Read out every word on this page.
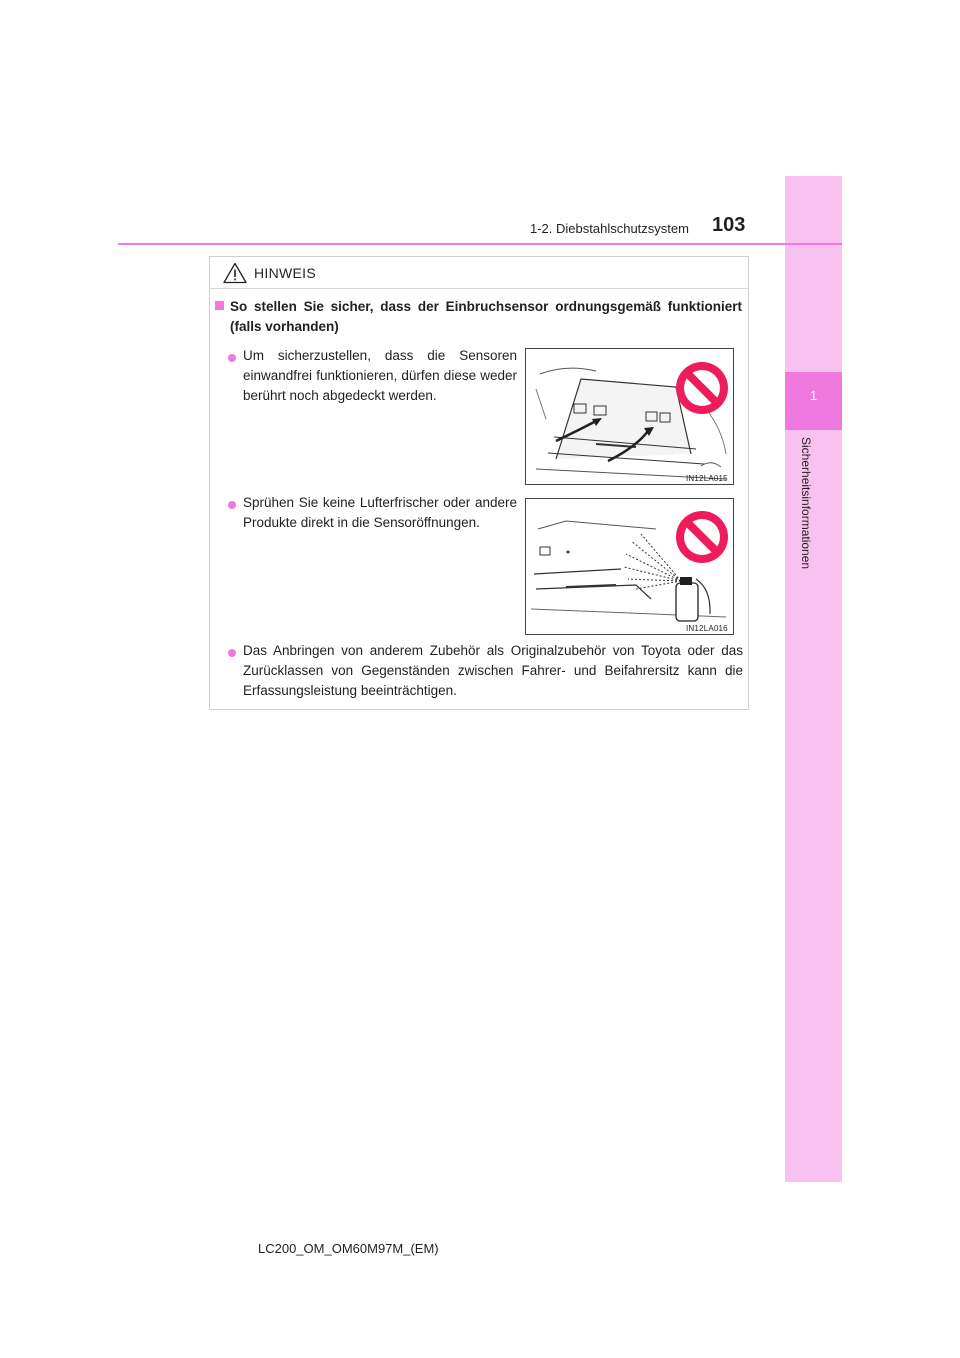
1
Sicherheitsinformationen
1-2. Diebstahlschutzsystem 103
HINWEIS
So stellen Sie sicher, dass der Einbruchsensor ordnungsgemäß funktioniert (falls vorhanden)
Um sicherzustellen, dass die Sensoren einwandfrei funktionieren, dürfen diese weder berührt noch abgedeckt werden.
IN12LA015
Sprühen Sie keine Lufterfrischer oder andere Produkte direkt in die Sensoröffnungen.
IN12LA016
Das Anbringen von anderem Zubehör als Originalzubehör von Toyota oder das Zurücklassen von Gegenständen zwischen Fahrer- und Beifahrersitz kann die Erfassungsleistung beeinträchtigen.
LC200_OM_OM60M97M_(EM)
